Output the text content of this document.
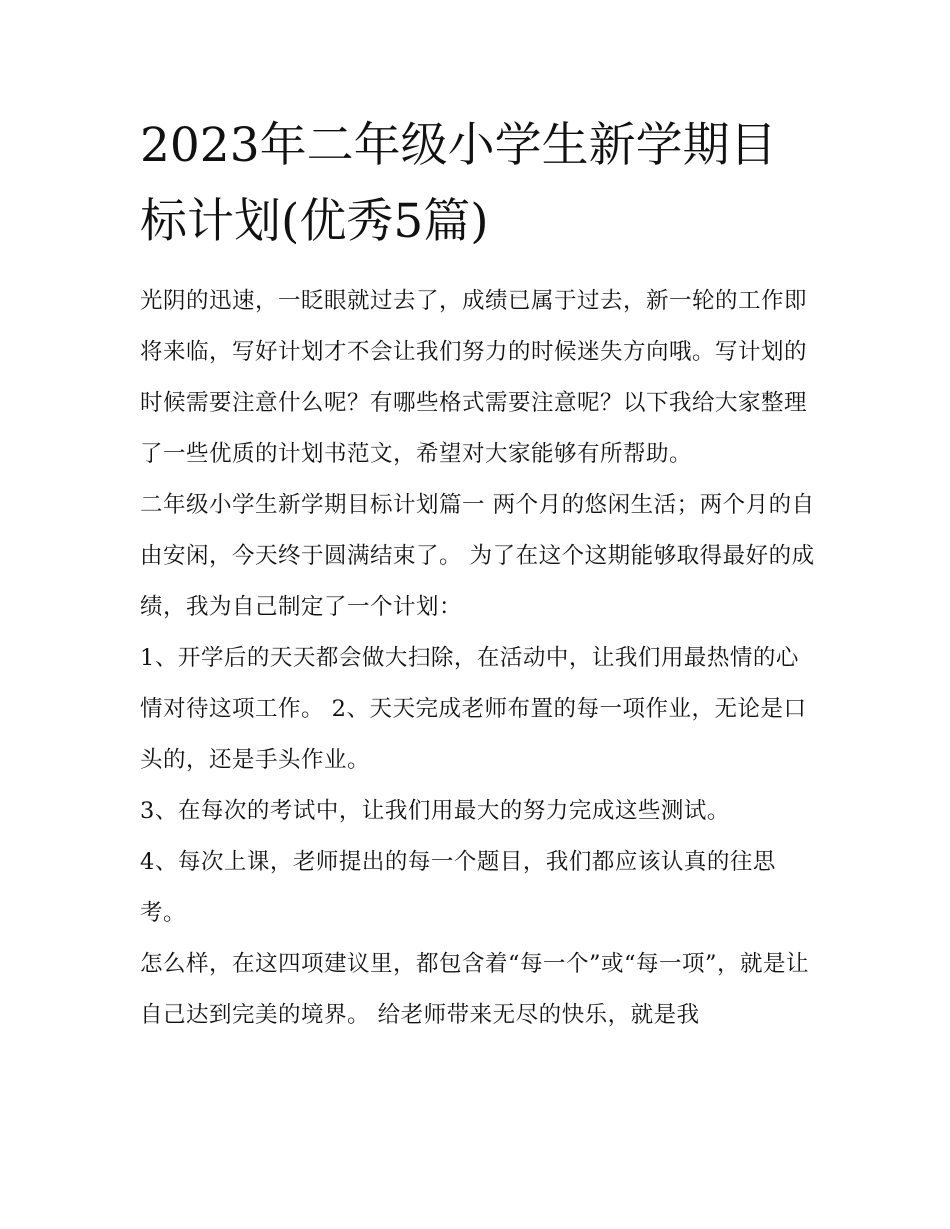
2023年二年级小学生新学期目
标计划(优秀5篇)

光阴的迅速，一眨眼就过去了，成绩已属于过去，新一轮的工作即将来临，写好计划才不会让我们努力的时候迷失方向哦。写计划的时候需要注意什么呢？有哪些格式需要注意呢？以下我给大家整理了一些优质的计划书范文，希望对大家能够有所帮助。

二年级小学生新学期目标计划篇一 两个月的悠闲生活；两个月的自由安闲，今天终于圆满结束了。 为了在这个这期能够取得最好的成绩，我为自己制定了一个计划：

1、开学后的天天都会做大扫除，在活动中，让我们用最热情的心情对待这项工作。 2、天天完成老师布置的每一项作业，无论是口头的，还是手头作业。

3、在每次的考试中，让我们用最大的努力完成这些测试。

4、每次上课，老师提出的每一个题目，我们都应该认真的往思考。

怎么样，在这四项建议里，都包含着“每一个”或“每一项”，就是让自己达到完美的境界。 给老师带来无尽的快乐，就是我
